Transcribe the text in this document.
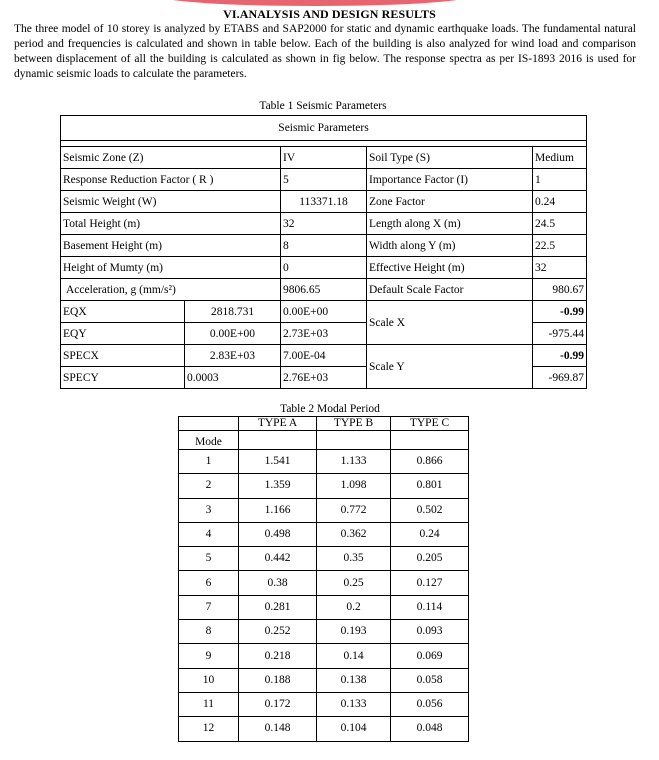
VI.ANALYSIS AND DESIGN RESULTS
The three model of 10 storey is analyzed by ETABS and SAP2000 for static and dynamic earthquake loads. The fundamental natural period and frequencies is calculated and shown in table below. Each of the building is also analyzed for wind load and comparison between displacement of all the building is calculated as shown in fig below. The response spectra as per IS-1893 2016 is used for dynamic seismic loads to calculate the parameters.
Table 1 Seismic Parameters
Seismic Parameters				

Seismic Zone (Z)		IV	Soil Type (S)	Medium
Response Reduction Factor ( R )		5	Importance Factor (I)	1
Seismic Weight (W)		113371.18	Zone Factor	0.24
Total Height (m)		32	Length along X (m)	24.5
Basement Height (m)		8	Width along Y (m)	22.5
Height of Mumty (m)		0	Effective Height (m)	32
Acceleration, g (mm/s²)		9806.65	Default Scale Factor	980.67
EQX	2818.731	0.00E+00	Scale X	-0.99
EQY	0.00E+00	2.73E+03		-975.44
SPECX	2.83E+03	7.00E-04	Scale Y	-0.99
SPECY	0.0003	2.76E+03		-969.87
Table 2 Modal Period
	TYPE A	TYPE B	TYPE C
Mode			
1	1.541	1.133	0.866
2	1.359	1.098	0.801
3	1.166	0.772	0.502
4	0.498	0.362	0.24
5	0.442	0.35	0.205
6	0.38	0.25	0.127
7	0.281	0.2	0.114
8	0.252	0.193	0.093
9	0.218	0.14	0.069
10	0.188	0.138	0.058
11	0.172	0.133	0.056
12	0.148	0.104	0.048
